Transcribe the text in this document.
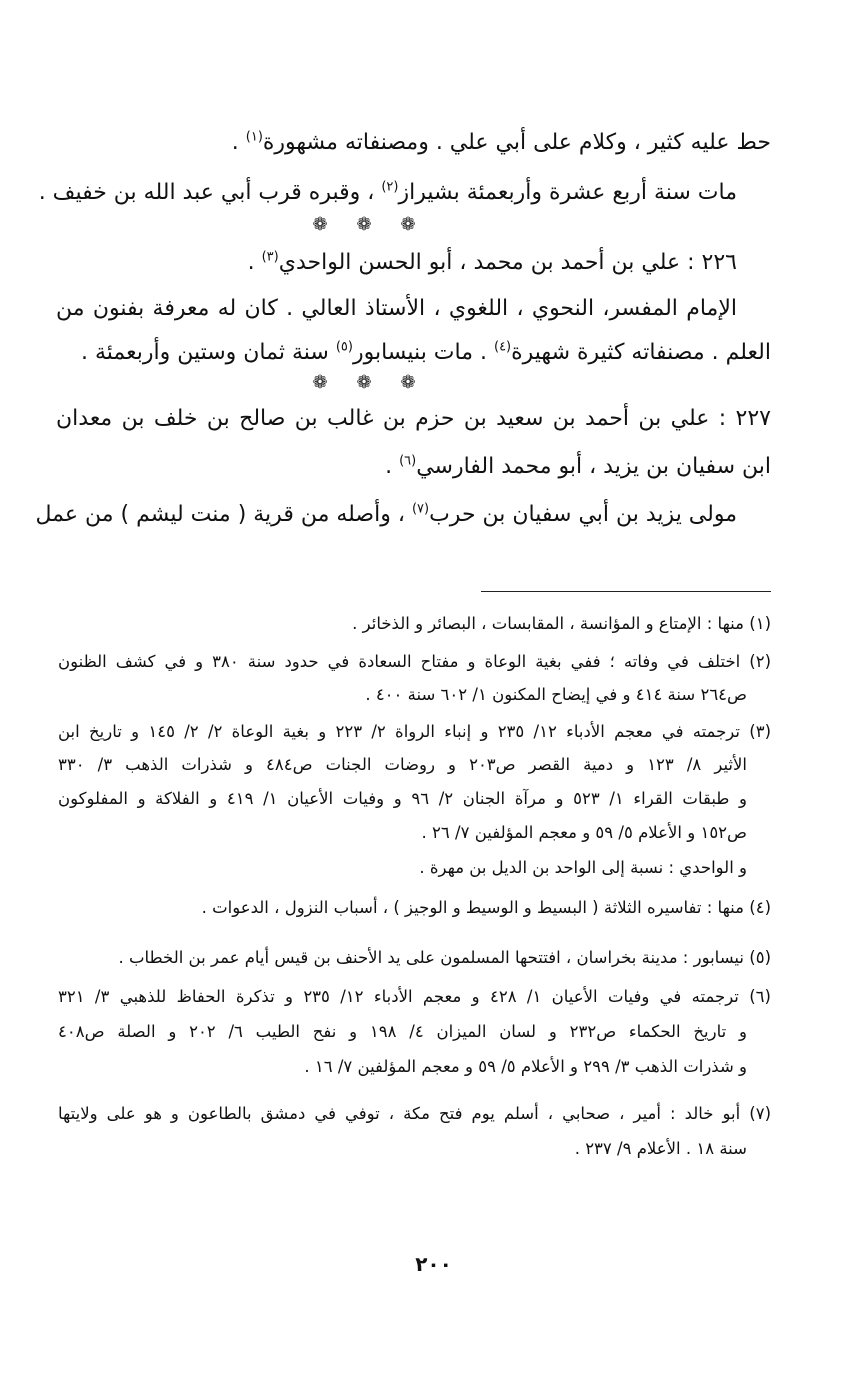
حط عليه كثير ، وكلام على أبي علي . ومصنفاته مشهورة$^{(١)}$ .
مات سنة أربع عشرة وأربعمئة بشيراز$^{(٢)}$ ، وقبره قرب أبي عبد الله بن خفيف .
❁ ❁ ❁
٢٢٦ : علي بن أحمد بن محمد ، أبو الحسن الواحدي$^{(٣)}$ .
الإمام المفسر، النحوي ، اللغوي ، الأستاذ العالي . كان له معرفة بفنون من
العلم . مصنفاته كثيرة شهيرة$^{(٤)}$ . مات بنيسابور$^{(٥)}$ سنة ثمان وستين وأربعمئة .
❁ ❁ ❁
٢٢٧ : علي بن أحمد بن سعيد بن حزم بن غالب بن صالح بن خلف بن معدان
ابن سفيان بن يزيد ، أبو محمد الفارسي$^{(٦)}$ .
مولى يزيد بن أبي سفيان بن حرب$^{(٧)}$ ، وأصله من قرية ( منت ليشم ) من عمل
(١) منها : الإمتاع و المؤانسة ، المقابسات ، البصائر و الذخائر .
(٢) اختلف في وفاته ؛ ففي بغية الوعاة و مفتاح السعادة في حدود سنة ٣٨٠ و في كشف الظنون
ص٢٦٤ سنة ٤١٤ و في إيضاح المكنون ١/ ٦٠٢ سنة ٤٠٠ .
(٣) ترجمته في معجم الأدباء ١٢/ ٢٣٥ و إنباء الرواة ٢/ ٢٢٣ و بغية الوعاة ٢/ ٢/ ١٤٥ و تاريخ ابن
الأثير ٨/ ١٢٣ و دمية القصر ص٢٠٣ و روضات الجنات ص٤٨٤ و شذرات الذهب ٣/ ٣٣٠
و طبقات القراء ١/ ٥٢٣ و مرآة الجنان ٢/ ٩٦ و وفيات الأعيان ١/ ٤١٩ و الفلاكة و المفلوكون
ص١٥٢ و الأعلام ٥/ ٥٩ و معجم المؤلفين ٧/ ٢٦ .
و الواحدي : نسبة إلى الواحد بن الديل بن مهرة .
(٤) منها : تفاسيره الثلاثة ( البسيط و الوسيط و الوجيز ) ، أسباب النزول ، الدعوات .
(٥) نيسابور : مدينة بخراسان ، افتتحها المسلمون على يد الأحنف بن قيس أيام عمر بن الخطاب .
(٦) ترجمته في وفيات الأعيان ١/ ٤٢٨ و معجم الأدباء ١٢/ ٢٣٥ و تذكرة الحفاظ للذهبي ٣/ ٣٢١
و تاريخ الحكماء ص٢٣٢ و لسان الميزان ٤/ ١٩٨ و نفح الطيب ٦/ ٢٠٢ و الصلة ص٤٠٨
و شذرات الذهب ٣/ ٢٩٩ و الأعلام ٥/ ٥٩ و معجم المؤلفين ٧/ ١٦ .
(٧) أبو خالد : أمير ، صحابي ، أسلم يوم فتح مكة ، توفي في دمشق بالطاعون و هو على ولايتها
سنة ١٨ . الأعلام ٩/ ٢٣٧ .
٢٠٠
